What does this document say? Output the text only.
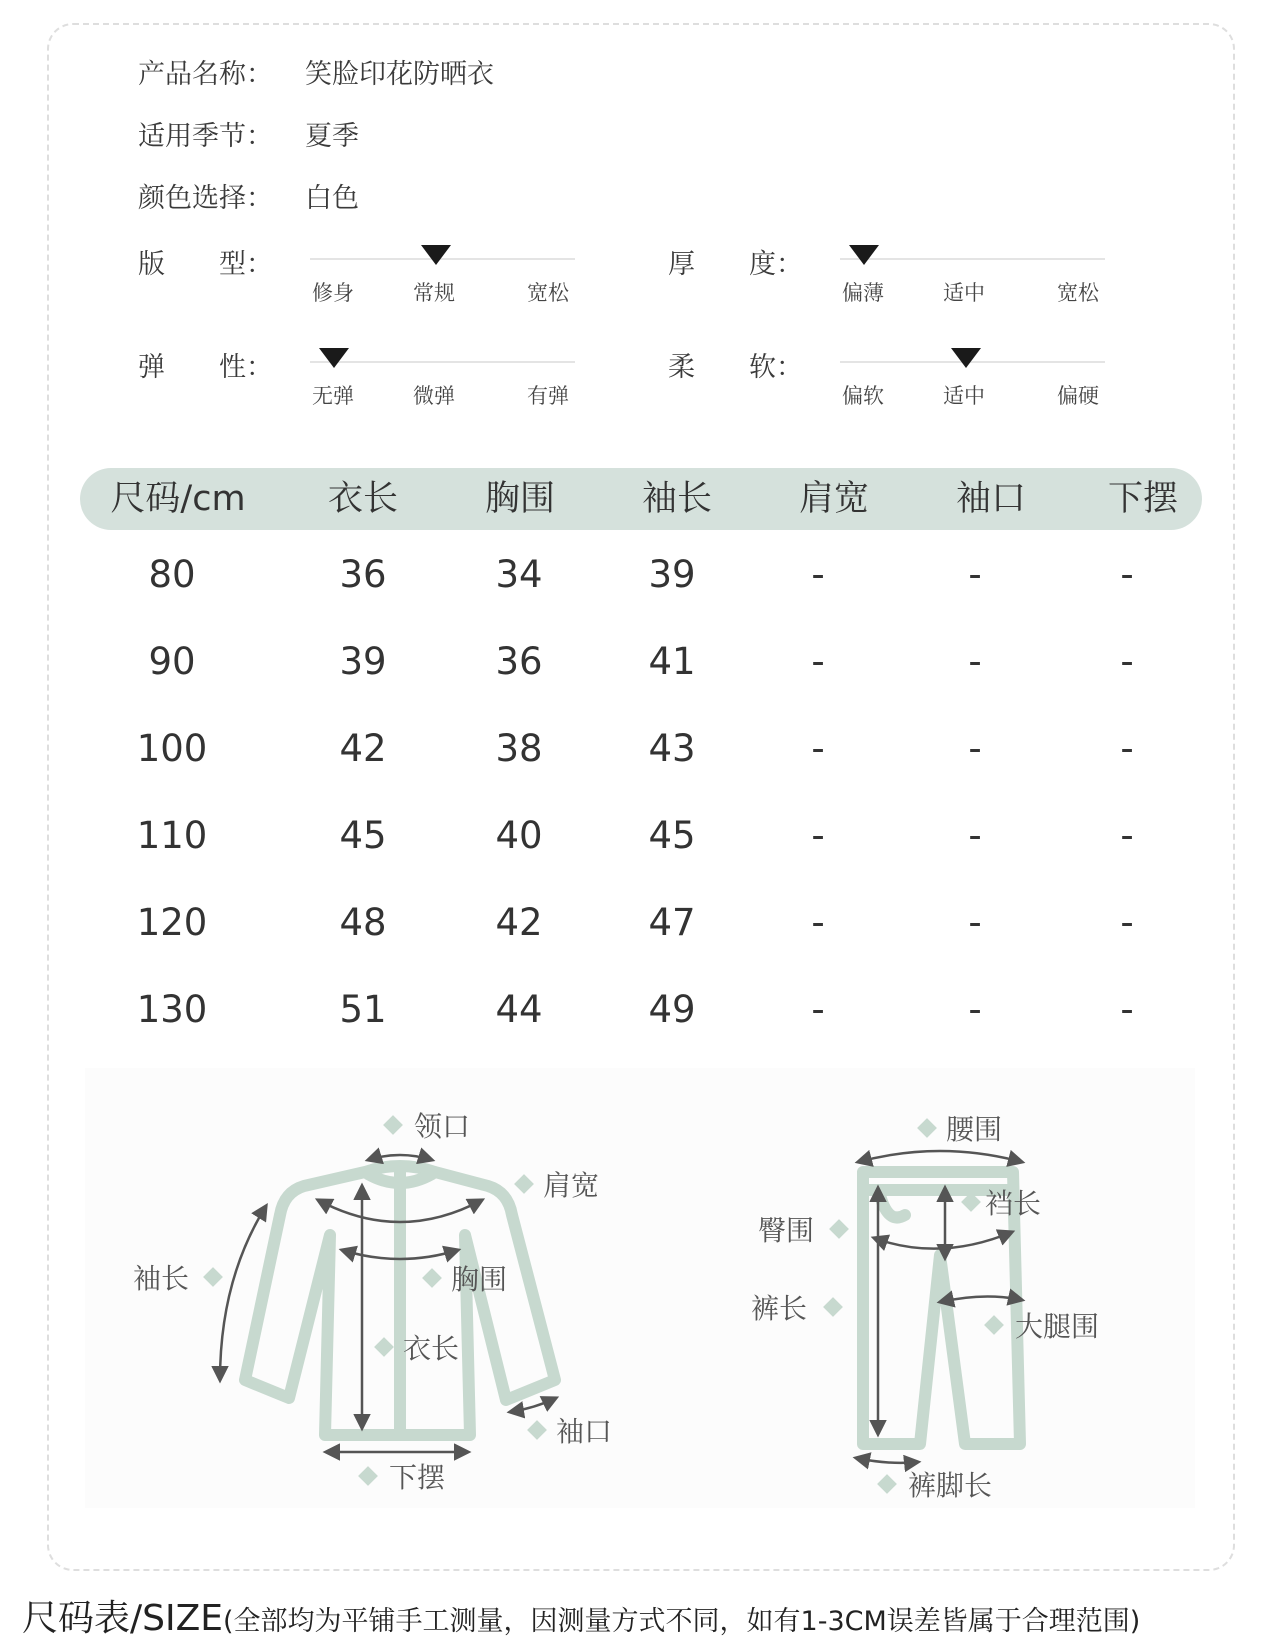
产品名称： 笑脸印花防晒衣
适用季节： 夏季
颜色选择： 白色
版　　型：
修身	常规	宽松
厚　　度：
偏薄	适中	宽松
弹　　性：
无弹	微弹	有弹
柔　　软：
偏软	适中	偏硬
尺码/cm 衣长 胸围 袖长 肩宽 袖口 下摆
80	36	34	39	-	-	-
90	39	36	41	-	-	-
100	42	38	43	-	-	-
110	45	40	45	-	-	-
120	48	42	47	-	-	-
130	51	44	49	-	-	-
领口
肩宽
袖长	胸围
衣长
袖口
下摆
腰围
裆长
臀围
裤长
大腿围
裤脚长
尺码表/SIZE(全部均为平铺手工测量，因测量方式不同，如有1-3CM误差皆属于合理范围)
